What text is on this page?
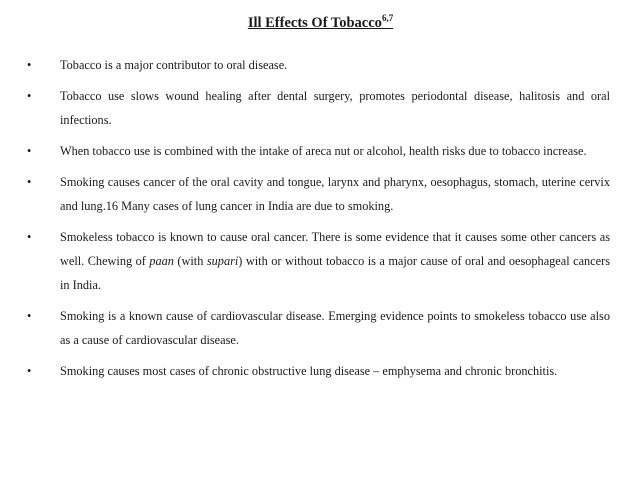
Ill Effects Of Tobacco$^{6,7}$
•	Tobacco is a major contributor to oral disease.
•	Tobacco use slows wound healing after dental surgery, promotes periodontal disease, halitosis and oral infections.
•	When tobacco use is combined with the intake of areca nut or alcohol, health risks due to tobacco increase.
•	Smoking causes cancer of the oral cavity and tongue, larynx and pharynx, oesophagus, stomach, uterine cervix and lung.16 Many cases of lung cancer in India are due to smoking.
•	Smokeless tobacco is known to cause oral cancer. There is some evidence that it causes some other cancers as well. Chewing of paan (with supari) with or without tobacco is a major cause of oral and oesophageal cancers in India.
•	Smoking is a known cause of cardiovascular disease. Emerging evidence points to smokeless tobacco use also as a cause of cardiovascular disease.
•	Smoking causes most cases of chronic obstructive lung disease – emphysema and chronic bronchitis.
